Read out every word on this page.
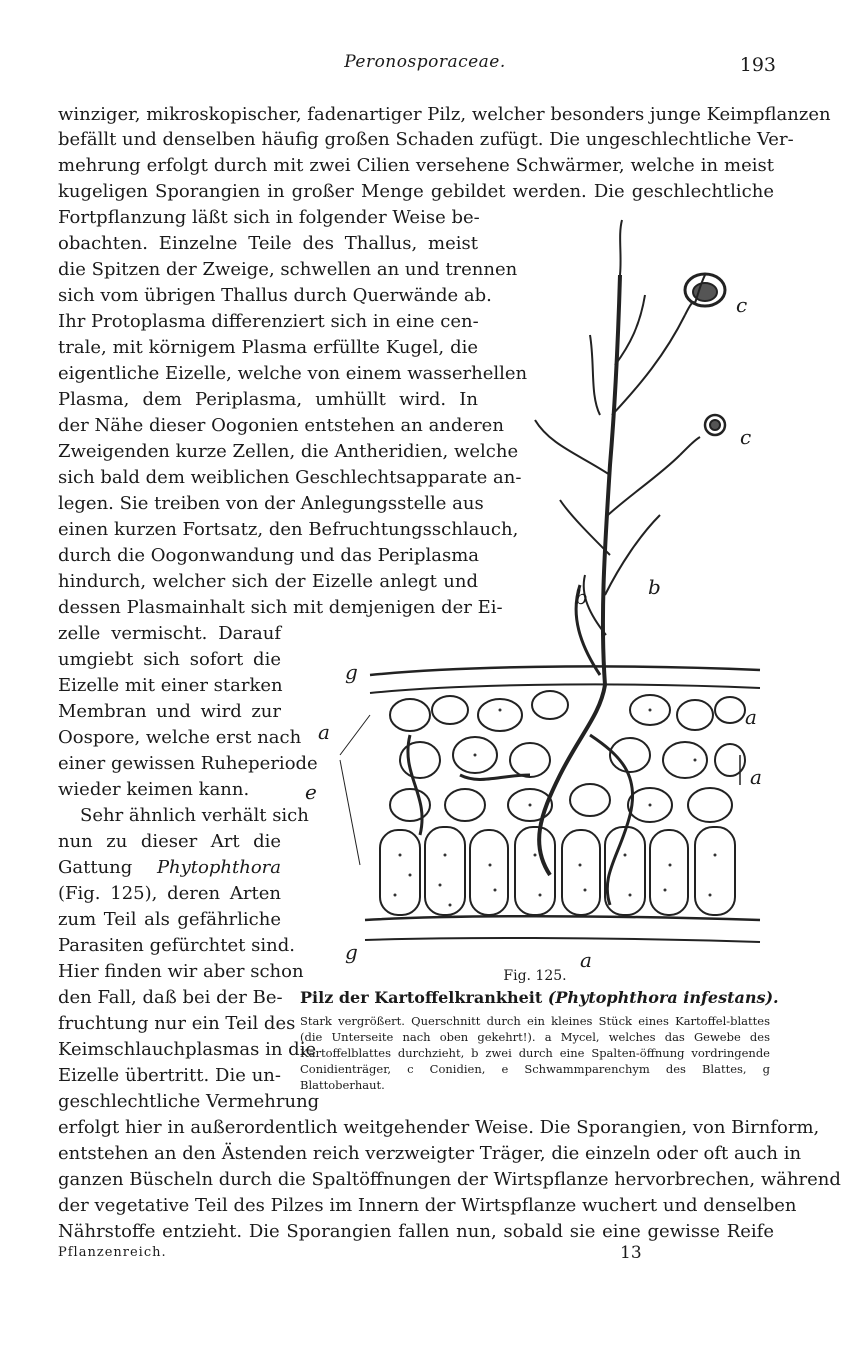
Peronosporaceae.	193
winziger, mikroskopischer, fadenartiger Pilz, welcher besonders junge Keimpflanzen
befällt und denselben häufig großen Schaden zufügt. Die ungeschlechtliche Ver-
mehrung erfolgt durch mit zwei Cilien versehene Schwärmer, welche in meist
kugeligen Sporangien in großer Menge gebildet werden. Die geschlechtliche
Fortpflanzung läßt sich in folgender Weise be-
obachten. Einzelne Teile des Thallus, meist
die Spitzen der Zweige, schwellen an und trennen
sich vom übrigen Thallus durch Querwände ab.
Ihr Protoplasma differenziert sich in eine cen-
trale, mit körnigem Plasma erfüllte Kugel, die
eigentliche Eizelle, welche von einem wasserhellen
Plasma, dem Periplasma, umhüllt wird. In
der Nähe dieser Oogonien entstehen an anderen
Zweigenden kurze Zellen, die Antheridien, welche
sich bald dem weiblichen Geschlechtsapparate an-
legen. Sie treiben von der Anlegungsstelle aus
einen kurzen Fortsatz, den Befruchtungsschlauch,
durch die Oogonwandung und das Periplasma
hindurch, welcher sich der Eizelle anlegt und
dessen Plasmainhalt sich mit demjenigen der Ei-
zelle vermischt. Darauf
umgiebt sich sofort die
Eizelle mit einer starken
Membran und wird zur
Oospore, welche erst nach
einer gewissen Ruheperiode
wieder keimen kann.
Sehr ähnlich verhält sich
nun zu dieser Art die
Gattung Phytophthora
(Fig. 125), deren Arten
zum Teil als gefährliche
Parasiten gefürchtet sind.
Hier finden wir aber schon
den Fall, daß bei der Be-
fruchtung nur ein Teil des
Keimschlauchplasmas in die
Eizelle übertritt. Die un-
geschlechtliche Vermehrung
erfolgt hier in außerordentlich weitgehender Weise. Die Sporangien, von Birnform,
entstehen an den Ästenden reich verzweigter Träger, die einzeln oder oft auch in
ganzen Büscheln durch die Spaltöffnungen der Wirtspflanze hervorbrechen, während
der vegetative Teil des Pilzes im Innern der Wirtspflanze wuchert und denselben
Nährstoffe entzieht. Die Sporangien fallen nun, sobald sie eine gewisse Reife
c
c
b	b
g
a
a
a
e
g	a
Fig. 125.
Pilz der Kartoffelkrankheit (Phytophthora infestans).
Stark vergrößert. Querschnitt durch ein kleines Stück eines Kartoffel-blattes (die Unterseite nach oben gekehrt!). a Mycel, welches das Gewebe des Kartoffelblattes durchzieht, b zwei durch eine Spalten-öffnung vordringende Conidienträger, c Conidien, e Schwammparenchym des Blattes, g Blattoberhaut.
Pflanzenreich.	13
